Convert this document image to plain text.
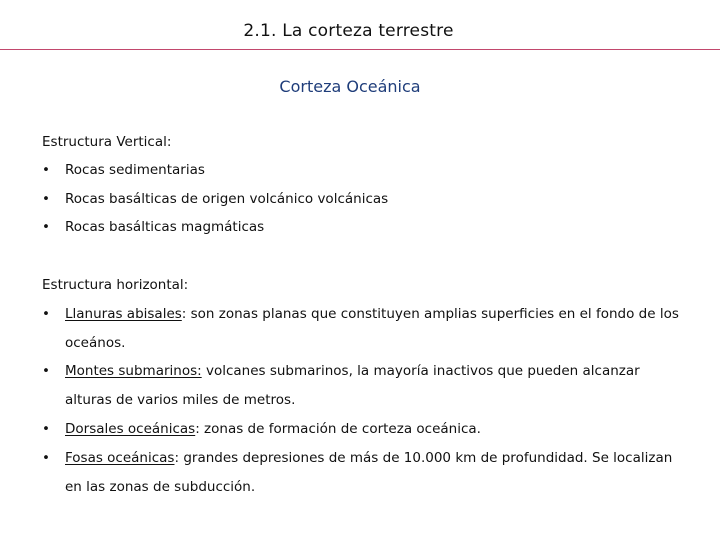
2.1. La corteza terrestre
Corteza Oceánica
Estructura Vertical:
• Rocas sedimentarias
• Rocas basálticas de origen volcánico volcánicas
• Rocas basálticas magmáticas
Estructura horizontal:
• Llanuras abisales: son zonas planas que constituyen amplias superficies en el fondo de los
oceános.
• Montes submarinos: volcanes submarinos, la mayoría inactivos que pueden alcanzar
alturas de varios miles de metros.
• Dorsales oceánicas: zonas de formación de corteza oceánica.
• Fosas oceánicas: grandes depresiones de más de 10.000 km de profundidad. Se localizan
en las zonas de subducción.
